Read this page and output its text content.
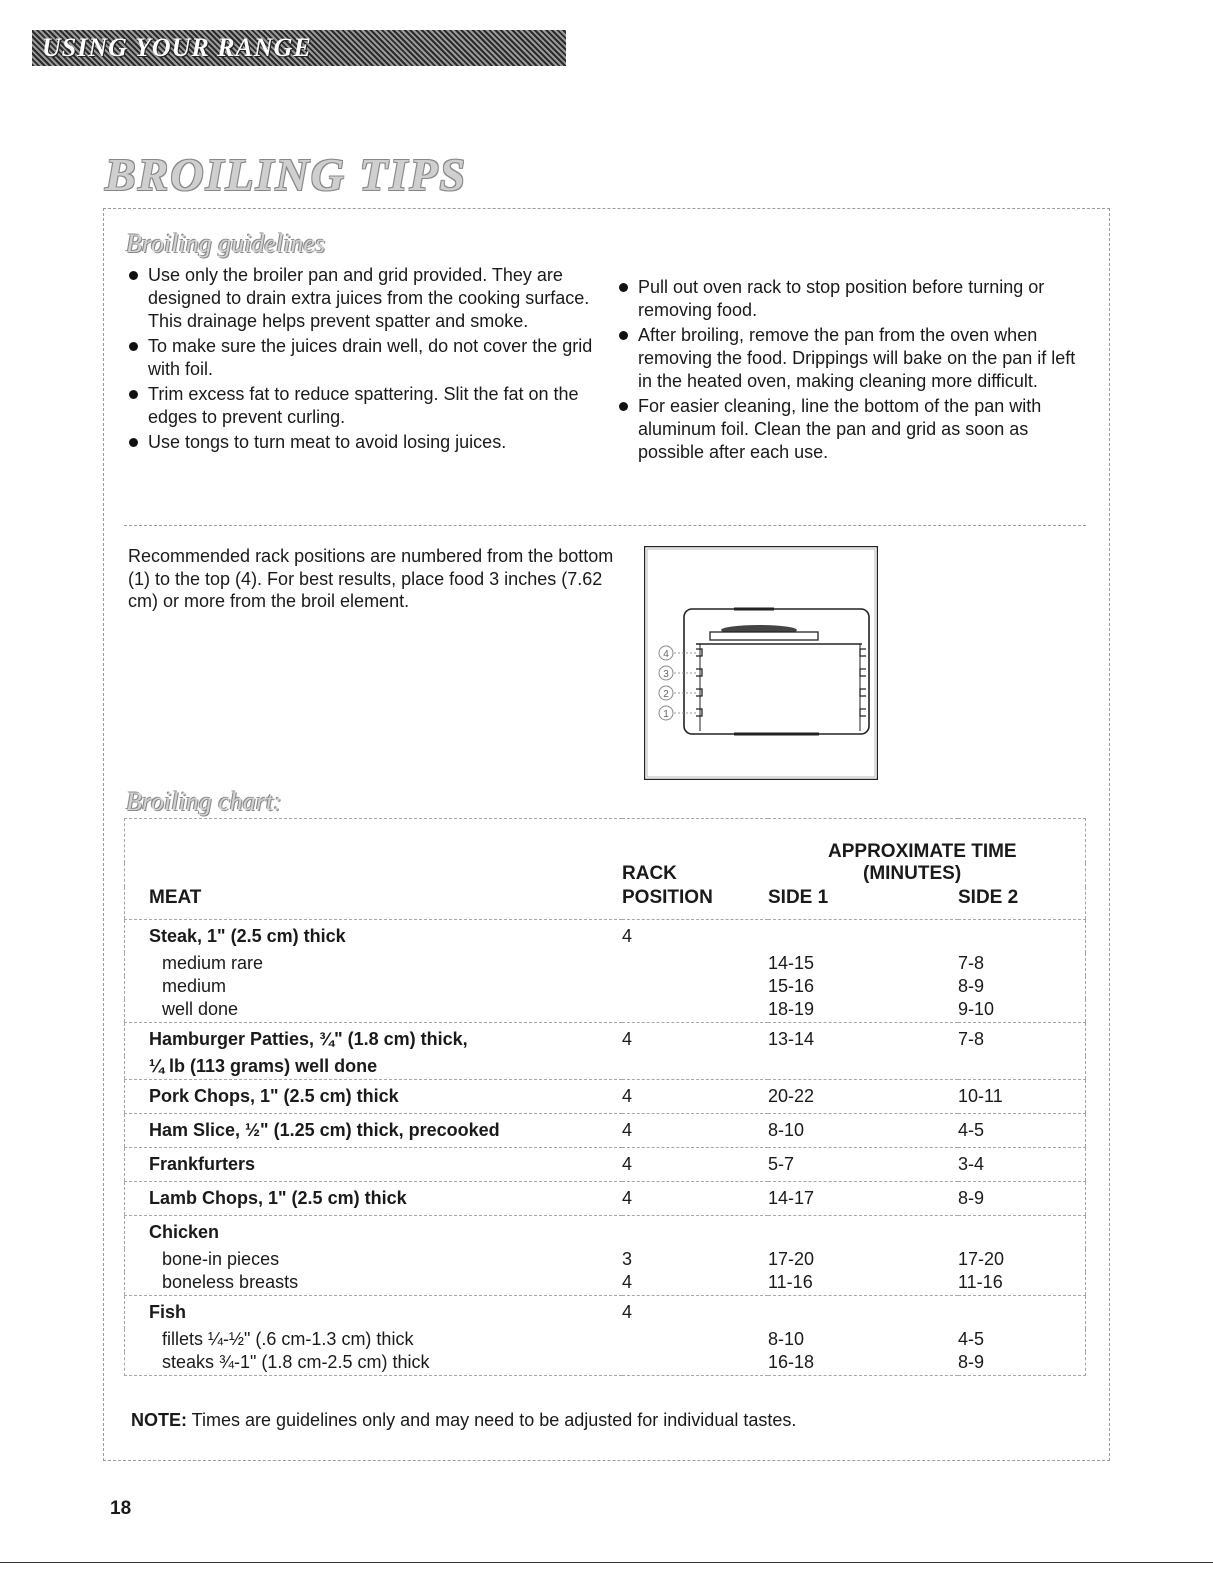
USING YOUR RANGE
BROILING TIPS
Broiling guidelines
Use only the broiler pan and grid provided. They are designed to drain extra juices from the cooking surface. This drainage helps prevent spatter and smoke.
To make sure the juices drain well, do not cover the grid with foil.
Trim excess fat to reduce spattering. Slit the fat on the edges to prevent curling.
Use tongs to turn meat to avoid losing juices.
Pull out oven rack to stop position before turning or removing food.
After broiling, remove the pan from the oven when removing the food. Drippings will bake on the pan if left in the heated oven, making cleaning more difficult.
For easier cleaning, line the bottom of the pan with aluminum foil. Clean the pan and grid as soon as possible after each use.
Recommended rack positions are numbered from the bottom (1) to the top (4). For best results, place food 3 inches (7.62 cm) or more from the broil element.
4
3
2
1
Broiling chart:
		APPROXIMATE TIME	
	RACK	(MINUTES)	
MEAT	POSITION	SIDE 1	SIDE 2
Steak, 1" (2.5 cm) thick	4		
medium rare		14-15	7-8
medium		15-16	8-9
well done		18-19	9-10
Hamburger Patties, ¾" (1.8 cm) thick,	4	13-14	7-8
¼ lb (113 grams) well done			
Pork Chops, 1" (2.5 cm) thick	4	20-22	10-11
Ham Slice, ½" (1.25 cm) thick, precooked	4	8-10	4-5
Frankfurters	4	5-7	3-4
Lamb Chops, 1" (2.5 cm) thick	4	14-17	8-9
Chicken			
bone-in pieces	3	17-20	17-20
boneless breasts	4	11-16	11-16
Fish	4		
fillets ¼-½" (.6 cm-1.3 cm) thick		8-10	4-5
steaks ¾-1" (1.8 cm-2.5 cm) thick		16-18	8-9
NOTE: Times are guidelines only and may need to be adjusted for individual tastes.
18
